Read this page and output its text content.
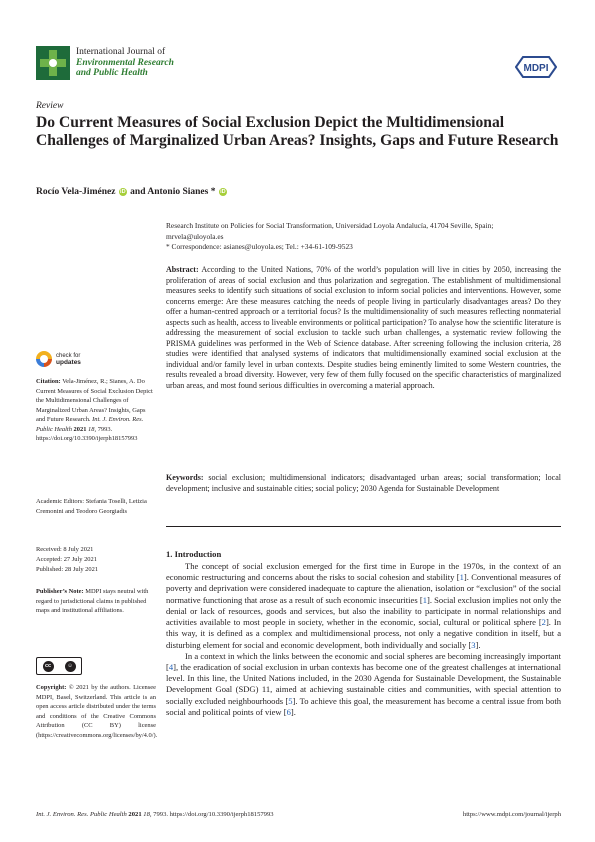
International Journal of
Environmental Research
and Public Health	MDPI
Review
Do Current Measures of Social Exclusion Depict the Multidimensional Challenges of Marginalized Urban Areas? Insights, Gaps and Future Research
Rocío Vela-Jiménez iD and Antonio Sianes * iD
Research Institute on Policies for Social Transformation, Universidad Loyola Andalucía, 41704 Seville, Spain;
mrvela@uloyola.es
* Correspondence: asianes@uloyola.es; Tel.: +34-61-109-9523
Abstract: According to the United Nations, 70% of the world’s population will live in cities by 2050, increasing the proliferation of areas of social exclusion and thus polarization and segregation. The establishment of multidimensional measures seeks to identify such situations of social exclusion to inform social policies and interventions. However, some concerns emerge: Are these measures catching the needs of people living in particularly disadvantages areas? Do they offer a human-centred approach or a territorial focus? Is the multidimensionality of such measures reflecting nonmaterial aspects such as health, access to liveable environments or political participation? To analyse how the scientific literature is addressing the measurement of social exclusion to tackle such urban challenges, a systematic review following the PRISMA guidelines was performed in the Web of Science database. After screening following the inclusion criteria, 28 studies were identified that analysed systems of indicators that multidimensionally examined social exclusion at the individual and/or family level in urban contexts. Despite studies being eminently limited to some Western countries, the results revealed a broad diversity. However, very few of them fully focused on the specific characteristics of marginalized urban areas, and most found serious difficulties in overcoming a material approach.
Keywords: social exclusion; multidimensional indicators; disadvantaged urban areas; social transformation; local development; inclusive and sustainable cities; social policy; 2030 Agenda for Sustainable Development
check for
updates
Citation: Vela-Jiménez, R.; Sianes, A. Do Current Measures of Social Exclusion Depict the Multidimensional Challenges of Marginalized Urban Areas? Insights, Gaps and Future Research. Int. J. Environ. Res. Public Health 2021 18, 7993. https://doi.org/10.3390/ijerph18157993
Academic Editors: Stefania Toselli, Letizia Cremonini and Teodoro Georgiadis
Received: 8 July 2021
Accepted: 27 July 2021
Published: 28 July 2021
Publisher’s Note: MDPI stays neutral with regard to jurisdictional claims in published maps and institutional affiliations.
cc	☺
Copyright: © 2021 by the authors. Licensee MDPI, Basel, Switzerland. This article is an open access article distributed under the terms and conditions of the Creative Commons Attribution (CC BY) license (https://creativecommons.org/licenses/by/4.0/).
1. Introduction

The concept of social exclusion emerged for the first time in Europe in the 1970s, in the context of an economic restructuring and concerns about the risks to social cohesion and stability [1]. Conventional measures of poverty and deprivation were considered inadequate to capture the alienation, isolation or “exclusion” of the social normative functioning that arose as a result of such economic insecurities [1]. Social exclusion implies not only the denial or lack of resources, goods and services, but also the inability to participate in normal relationships and activities available to most people in society, whether in the economic, social, cultural or political sphere [2]. In this way, it is defined as a complex and multidimensional process, not only a negative condition in itself, but a disturbing element for social and economic development, both individually and socially [3].

In a context in which the links between the economic and social spheres are becoming increasingly important [4], the eradication of social exclusion in urban contexts has become one of the greatest challenges at international level. In this line, the United Nations included, in the 2030 Agenda for Sustainable Development, the Sustainable Development Goal (SDG) 11, aimed at achieving sustainable cities and communities, with special attention to socially excluded neighbourhoods [5]. To achieve this goal, the measurement has become a central issue from both social and political points of view [6].

Int. J. Environ. Res. Public Health 2021 18, 7993. https://doi.org/10.3390/ijerph18157993	https://www.mdpi.com/journal/ijerph
